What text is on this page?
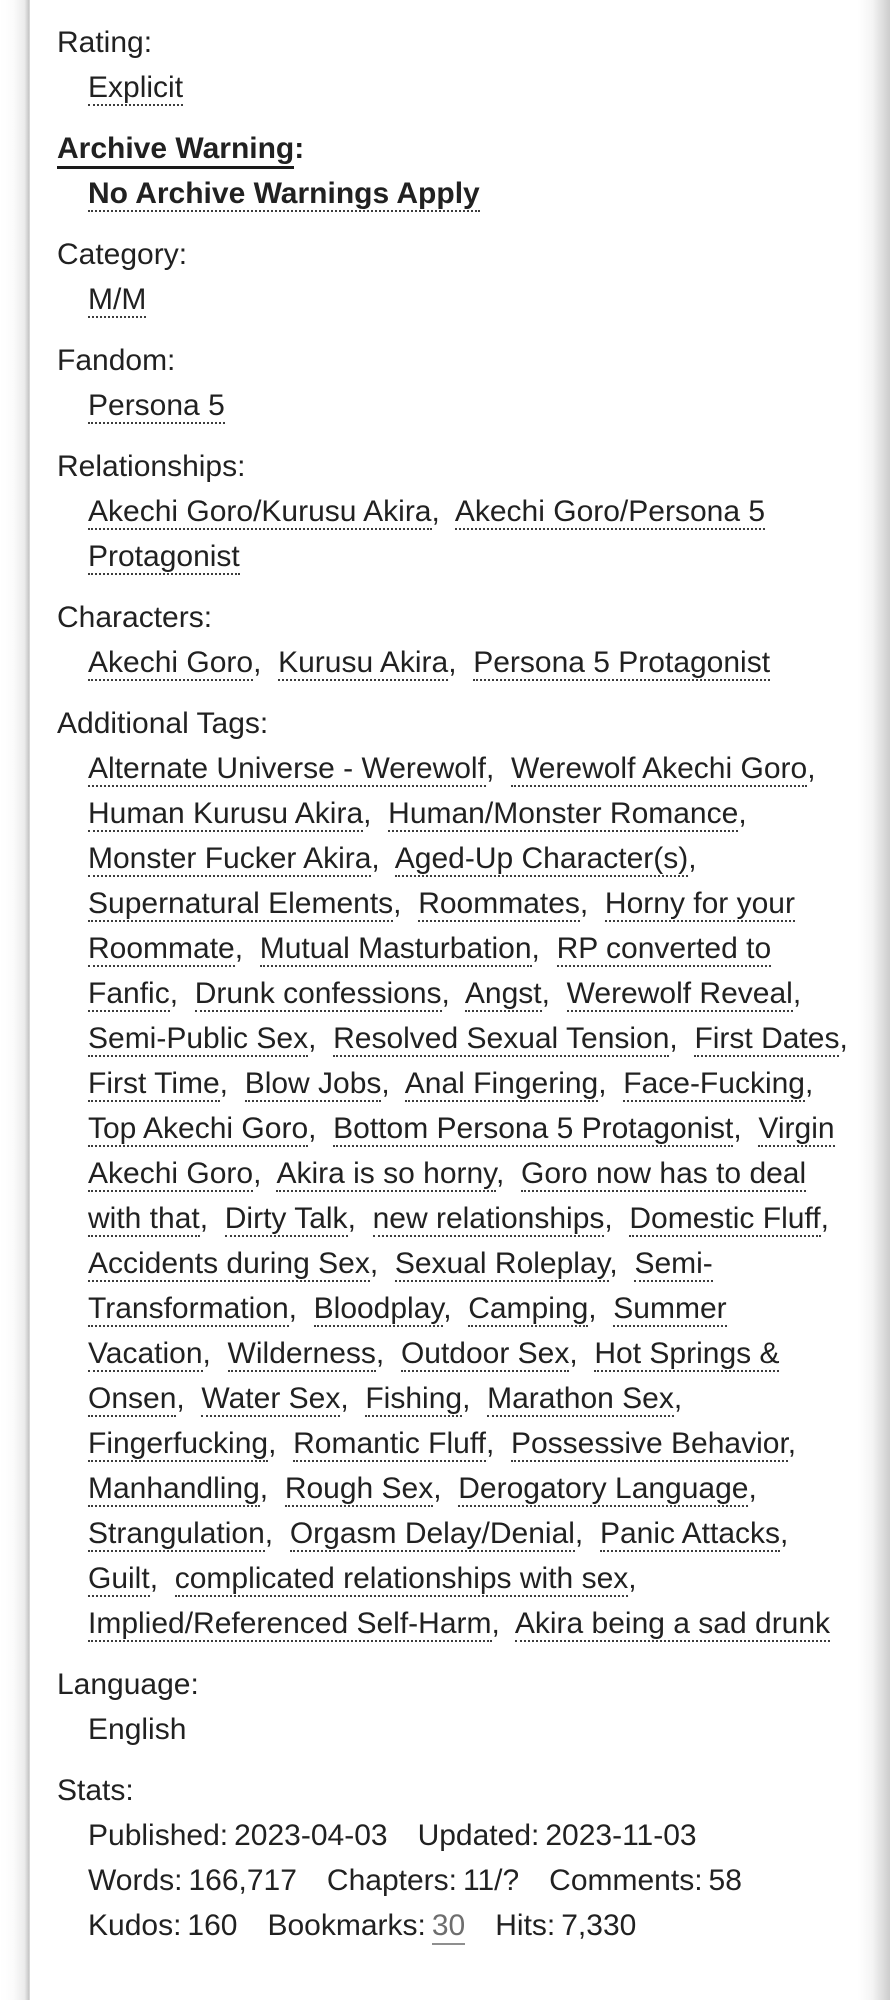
Rating:
Explicit
Archive Warning:
No Archive Warnings Apply
Category:
M/M
Fandom:
Persona 5
Relationships:
Akechi Goro/Kurusu Akira,  Akechi Goro/Persona 5 Protagonist
Characters:
Akechi Goro,  Kurusu Akira,  Persona 5 Protagonist
Additional Tags:
Alternate Universe - Werewolf,  Werewolf Akechi Goro,  Human Kurusu Akira,  Human/Monster Romance,  Monster Fucker Akira,  Aged-Up Character(s),  Supernatural Elements,  Roommates,  Horny for your Roommate,  Mutual Masturbation,  RP converted to Fanfic,  Drunk confessions,  Angst,  Werewolf Reveal,  Semi-Public Sex,  Resolved Sexual Tension,  First Dates,  First Time,  Blow Jobs,  Anal Fingering,  Face-Fucking,  Top Akechi Goro,  Bottom Persona 5 Protagonist,  Virgin Akechi Goro,  Akira is so horny,  Goro now has to deal with that,  Dirty Talk,  new relationships,  Domestic Fluff,  Accidents during Sex,  Sexual Roleplay,  Semi-Transformation,  Bloodplay,  Camping,  Summer Vacation,  Wilderness,  Outdoor Sex,  Hot Springs & Onsen,  Water Sex,  Fishing,  Marathon Sex,  Fingerfucking,  Romantic Fluff,  Possessive Behavior,  Manhandling,  Rough Sex,  Derogatory Language,  Strangulation,  Orgasm Delay/Denial,  Panic Attacks,  Guilt,  complicated relationships with sex,  Implied/Referenced Self-Harm,  Akira being a sad drunk
Language:
English
Stats:
Published: 2023-04-03 Updated: 2023-11-03
Words: 166,717 Chapters: 11/? Comments: 58
Kudos: 160 Bookmarks: 30 Hits: 7,330
